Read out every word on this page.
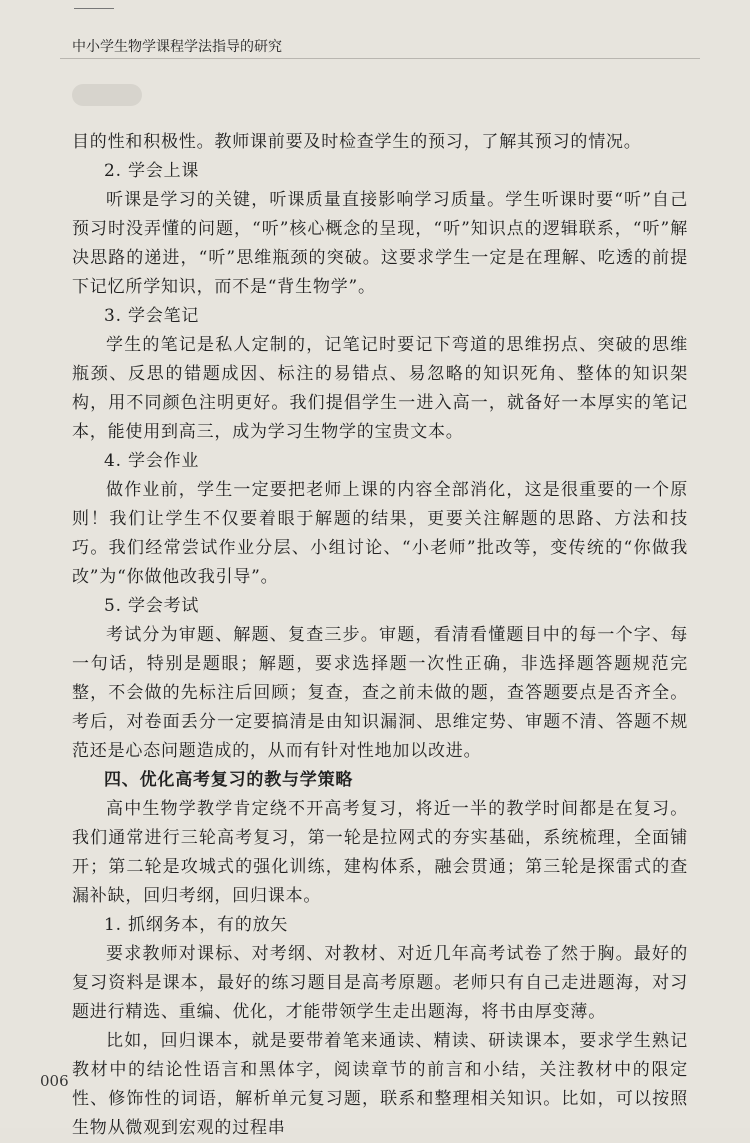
中小学生物学课程学法指导的研究

目的性和积极性。教师课前要及时检查学生的预习，了解其预习的情况。

2. 学会上课

听课是学习的关键，听课质量直接影响学习质量。学生听课时要“听”自己预习时没弄懂的问题，“听”核心概念的呈现，“听”知识点的逻辑联系，“听”解决思路的递进，“听”思维瓶颈的突破。这要求学生一定是在理解、吃透的前提下记忆所学知识，而不是“背生物学”。

3. 学会笔记

学生的笔记是私人定制的，记笔记时要记下弯道的思维拐点、突破的思维瓶颈、反思的错题成因、标注的易错点、易忽略的知识死角、整体的知识架构，用不同颜色注明更好。我们提倡学生一进入高一，就备好一本厚实的笔记本，能使用到高三，成为学习生物学的宝贵文本。

4. 学会作业

做作业前，学生一定要把老师上课的内容全部消化，这是很重要的一个原则！我们让学生不仅要着眼于解题的结果，更要关注解题的思路、方法和技巧。我们经常尝试作业分层、小组讨论、“小老师”批改等，变传统的“你做我改”为“你做他改我引导”。

5. 学会考试

考试分为审题、解题、复查三步。审题，看清看懂题目中的每一个字、每一句话，特别是题眼；解题，要求选择题一次性正确，非选择题答题规范完整，不会做的先标注后回顾；复查，查之前未做的题，查答题要点是否齐全。考后，对卷面丢分一定要搞清是由知识漏洞、思维定势、审题不清、答题不规范还是心态问题造成的，从而有针对性地加以改进。

四、优化高考复习的教与学策略

高中生物学教学肯定绕不开高考复习，将近一半的教学时间都是在复习。我们通常进行三轮高考复习，第一轮是拉网式的夯实基础，系统梳理，全面铺开；第二轮是攻城式的强化训练，建构体系，融会贯通；第三轮是探雷式的查漏补缺，回归考纲，回归课本。

1. 抓纲务本，有的放矢

要求教师对课标、对考纲、对教材、对近几年高考试卷了然于胸。最好的复习资料是课本，最好的练习题目是高考原题。老师只有自己走进题海，对习题进行精选、重编、优化，才能带领学生走出题海，将书由厚变薄。

比如，回归课本，就是要带着笔来通读、精读、研读课本，要求学生熟记教材中的结论性语言和黑体字，阅读章节的前言和小结，关注教材中的限定性、修饰性的词语，解析单元复习题，联系和整理相关知识。比如，可以按照生物从微观到宏观的过程串

006
